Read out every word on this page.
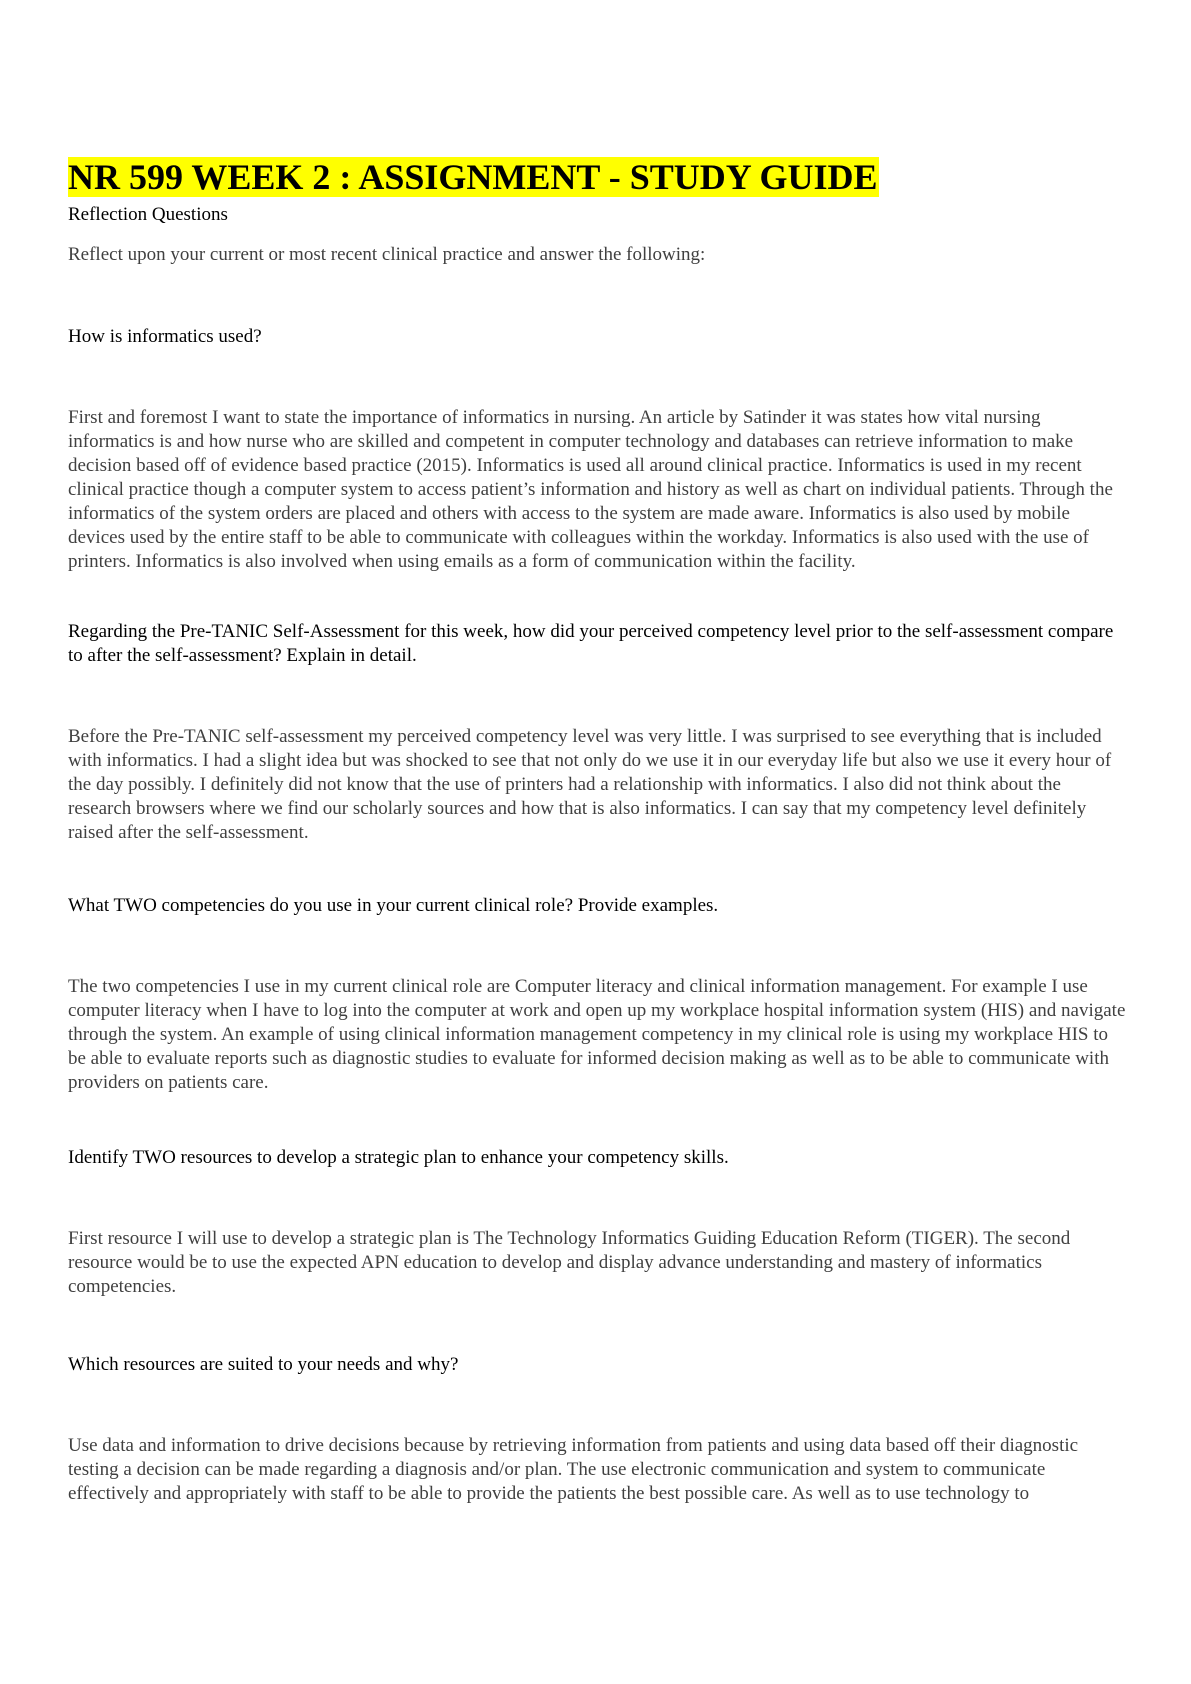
NR 599 WEEK 2 : ASSIGNMENT - STUDY GUIDE

Reflection Questions

Reflect upon your current or most recent clinical practice and answer the following:

How is informatics used?

First and foremost I want to state the importance of informatics in nursing. An article by Satinder it was states how vital nursing informatics is and how nurse who are skilled and competent in computer technology and databases can retrieve information to make decision based off of evidence based practice (2015). Informatics is used all around clinical practice. Informatics is used in my recent clinical practice though a computer system to access patient’s information and history as well as chart on individual patients. Through the informatics of the system orders are placed and others with access to the system are made aware. Informatics is also used by mobile devices used by the entire staff to be able to communicate with colleagues within the workday. Informatics is also used with the use of printers. Informatics is also involved when using emails as a form of communication within the facility.

Regarding the Pre-TANIC Self-Assessment for this week, how did your perceived competency level prior to the self-assessment compare to after the self-assessment? Explain in detail.

Before the Pre-TANIC self-assessment my perceived competency level was very little. I was surprised to see everything that is included with informatics. I had a slight idea but was shocked to see that not only do we use it in our everyday life but also we use it every hour of the day possibly. I definitely did not know that the use of printers had a relationship with informatics. I also did not think about the research browsers where we find our scholarly sources and how that is also informatics. I can say that my competency level definitely raised after the self-assessment.

What TWO competencies do you use in your current clinical role? Provide examples.

The two competencies I use in my current clinical role are Computer literacy and clinical information management. For example I use computer literacy when I have to log into the computer at work and open up my workplace hospital information system (HIS) and navigate through the system. An example of using clinical information management competency in my clinical role is using my workplace HIS to be able to evaluate reports such as diagnostic studies to evaluate for informed decision making as well as to be able to communicate with providers on patients care.

Identify TWO resources to develop a strategic plan to enhance your competency skills.

First resource I will use to develop a strategic plan is The Technology Informatics Guiding Education Reform (TIGER). The second resource would be to use the expected APN education to develop and display advance understanding and mastery of informatics competencies.

Which resources are suited to your needs and why?

Use data and information to drive decisions because by retrieving information from patients and using data based off their diagnostic testing a decision can be made regarding a diagnosis and/or plan. The use electronic communication and system to communicate effectively and appropriately with staff to be able to provide the patients the best possible care. As well as to use technology to
